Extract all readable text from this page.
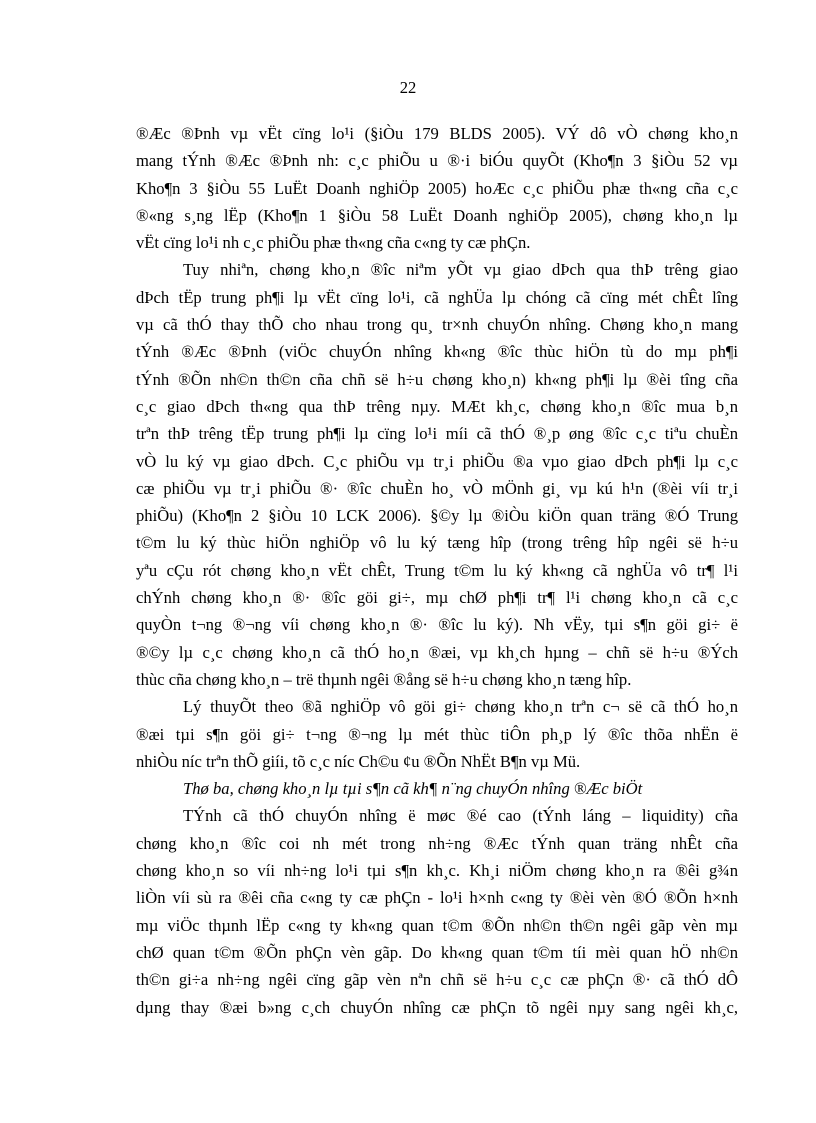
22
®Æc ®Þnh vµ vËt cïng lo¹i (§iÒu 179 BLDS 2005). VÝ dô vÒ chøng kho¸n
mang tÝnh ®Æc ®Þnh nh: c¸c phiÕu u ®·i biÓu quyÕt (Kho¶n 3 §iÒu 52 vµ
Kho¶n 3 §iÒu 55 LuËt Doanh nghiÖp 2005) hoÆc c¸c phiÕu phæ th«ng cña c¸c
®«ng s¸ng lËp (Kho¶n 1 §iÒu 58 LuËt Doanh nghiÖp 2005), chøng kho¸n lµ
vËt cïng lo¹i nh c¸c phiÕu phæ th«ng cña c«ng ty cæ phÇn.
Tuy nhiªn, chøng kho¸n ®îc niªm yÕt vµ giao dÞch qua thÞ trêng giao
dÞch tËp trung ph¶i lµ vËt cïng lo¹i, cã nghÜa lµ chóng cã cïng mét chÊt lîng
vµ cã thÓ thay thÕ cho nhau trong qu¸ tr×nh chuyÓn nhîng. Chøng kho¸n mang
tÝnh ®Æc ®Þnh (viÖc chuyÓn nhîng kh«ng ®îc thùc hiÖn tù do mµ ph¶i
tÝnh ®Õn nh©n th©n cña chñ së h÷u chøng kho¸n) kh«ng ph¶i lµ ®èi tîng cña
c¸c giao dÞch th«ng qua thÞ trêng nµy. MÆt kh¸c, chøng kho¸n ®îc mua b¸n
trªn thÞ trêng tËp trung ph¶i lµ cïng lo¹i míi cã thÓ ®¸p øng ®îc c¸c tiªu chuÈn
vÒ lu ký vµ giao dÞch. C¸c phiÕu vµ tr¸i phiÕu ®a vµo giao dÞch ph¶i lµ c¸c
cæ phiÕu vµ tr¸i phiÕu ®· ®îc chuÈn ho¸ vÒ mÖnh gi¸ vµ kú h¹n (®èi víi tr¸i
phiÕu) (Kho¶n 2 §iÒu 10 LCK 2006). §©y lµ ®iÒu kiÖn quan träng ®Ó Trung
t©m lu ký thùc hiÖn nghiÖp vô lu ký tæng hîp (trong trêng hîp ngêi së h÷u
yªu cÇu rót chøng kho¸n vËt chÊt, Trung t©m lu ký kh«ng cã nghÜa vô tr¶ l¹i
chÝnh chøng kho¸n ®· ®îc göi gi÷, mµ chØ ph¶i tr¶ l¹i chøng kho¸n cã c¸c
quyÒn t¬ng ®¬ng víi chøng kho¸n ®· ®îc lu ký). Nh vËy, tµi s¶n göi gi÷ ë
®©y lµ c¸c chøng kho¸n cã thÓ ho¸n ®æi, vµ kh¸ch hµng – chñ së h÷u ®Ých
thùc cña chøng kho¸n – trë thµnh ngêi ®ång së h÷u chøng kho¸n tæng hîp.
Lý thuyÕt theo ®ã nghiÖp vô göi gi÷ chøng kho¸n trªn c¬ së cã thÓ ho¸n
®æi tµi s¶n göi gi÷ t¬ng ®¬ng lµ mét thùc tiÔn ph¸p lý ®îc thõa nhËn ë
nhiÒu níc trªn thÕ giíi, tõ c¸c níc Ch©u ¢u ®Õn NhËt B¶n vµ Mü.
Thø ba, chøng kho¸n lµ tµi s¶n cã kh¶ n¨ng chuyÓn nhîng ®Æc biÖt
TÝnh cã thÓ chuyÓn nhîng ë møc ®é cao (tÝnh láng – liquidity) cña
chøng kho¸n ®îc coi nh mét trong nh÷ng ®Æc tÝnh quan träng nhÊt cña
chøng kho¸n so víi nh÷ng lo¹i tµi s¶n kh¸c. Kh¸i niÖm chøng kho¸n ra ®êi g¾n
liÒn víi sù ra ®êi cña c«ng ty cæ phÇn - lo¹i h×nh c«ng ty ®èi vèn ®Ó ®Õn h×nh
mµ viÖc thµnh lËp c«ng ty kh«ng quan t©m ®Õn nh©n th©n ngêi gãp vèn mµ
chØ quan t©m ®Õn phÇn vèn gãp. Do kh«ng quan t©m tíi mèi quan hÖ nh©n
th©n gi÷a nh÷ng ngêi cïng gãp vèn nªn chñ së h÷u c¸c cæ phÇn ®· cã thÓ dÔ
dµng thay ®æi b»ng c¸ch chuyÓn nhîng cæ phÇn tõ ngêi nµy sang ngêi kh¸c,
